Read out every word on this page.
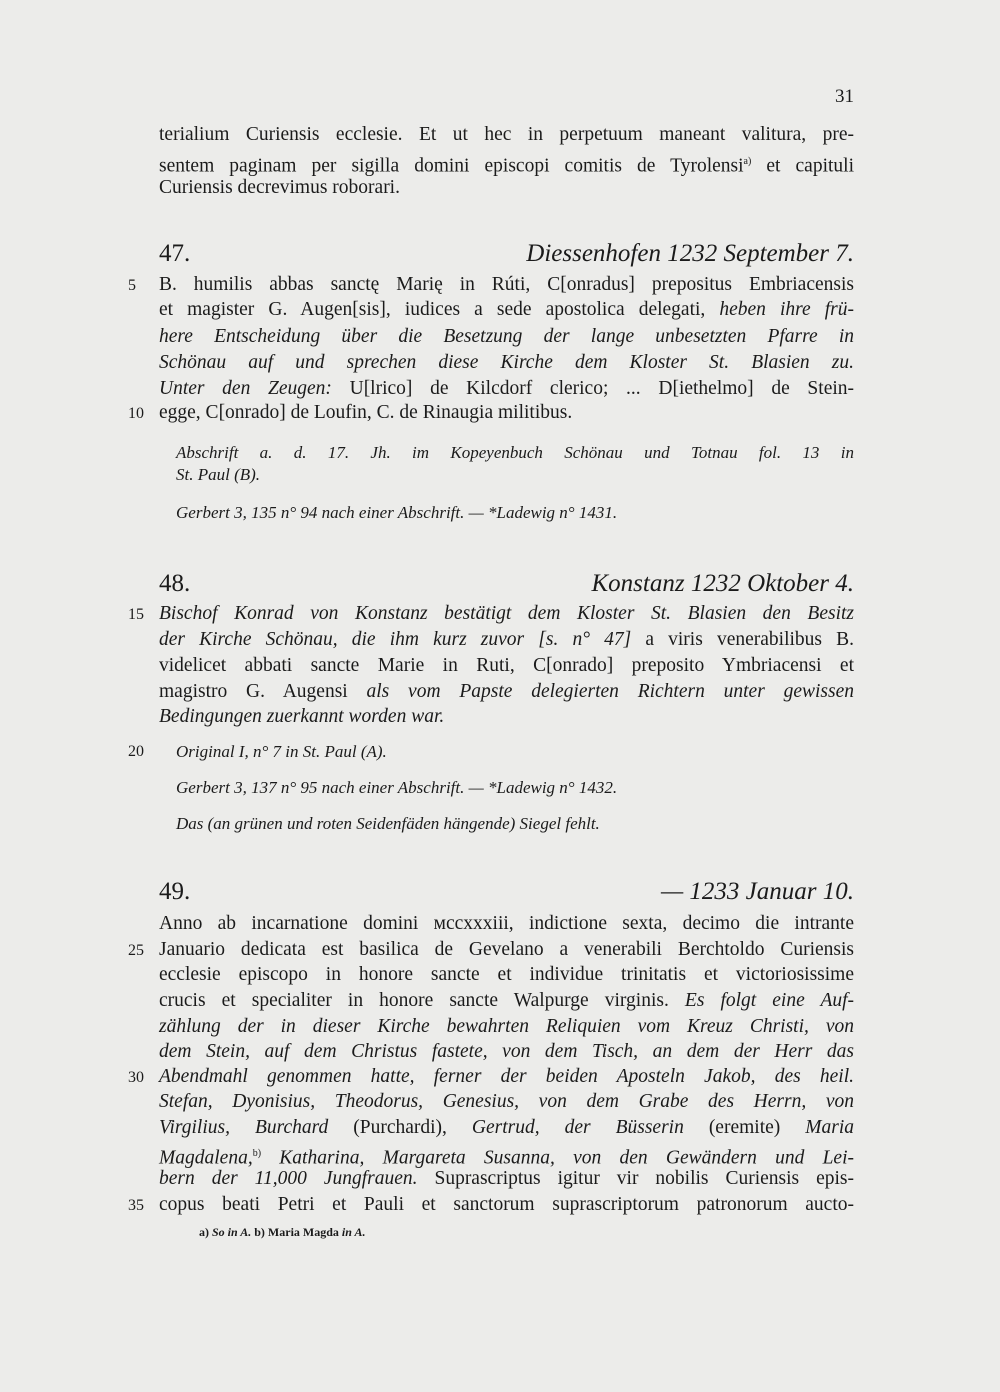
31
terialium Curiensis ecclesie. Et ut hec in perpetuum maneant valitura, pre-
sentem paginam per sigilla domini episcopi comitis de Tyrolensi$^{a)}$ et capituli
Curiensis decrevimus roborari.
47.	Diessenhofen 1232 September 7.
5	B. humilis abbas sanctę Marię in Rúti, C[onradus] prepositus Embriacensis
et magister G. Augen[sis], iudices a sede apostolica delegati, heben ihre frü-
here Entscheidung über die Besetzung der lange unbesetzten Pfarre in
Schönau auf und sprechen diese Kirche dem Kloster St. Blasien zu.
Unter den Zeugen: U[lrico] de Kilcdorf clerico; ... D[iethelmo] de Stein-
10 egge, C[onrado] de Loufin, C. de Rinaugia militibus.
Abschrift a. d. 17. Jh. im Kopeyenbuch Schönau und Totnau fol. 13 in
St. Paul (B).
Gerbert 3, 135 n° 94 nach einer Abschrift. — *Ladewig n° 1431.
48.	Konstanz 1232 Oktober 4.
15 Bischof Konrad von Konstanz bestätigt dem Kloster St. Blasien den Besitz
der Kirche Schönau, die ihm kurz zuvor [s. n° 47] a viris venerabilibus B.
videlicet abbati sancte Marie in Ruti, C[onrado] preposito Ymbriacensi et
magistro G. Augensi als vom Papste delegierten Richtern unter gewissen
Bedingungen zuerkannt worden war.
20	Original I, n° 7 in St. Paul (A).
Gerbert 3, 137 n° 95 nach einer Abschrift. — *Ladewig n° 1432.
Das (an grünen und roten Seidenfäden hängende) Siegel fehlt.
49.	— 1233 Januar 10.
Anno ab incarnatione domini ᴍccxxxiii, indictione sexta, decimo die intrante
25 Januario dedicata est basilica de Gevelano a venerabili Berchtoldo Curiensis
ecclesie episcopo in honore sancte et individue trinitatis et victoriosissime
crucis et specialiter in honore sancte Walpurge virginis. Es folgt eine Auf-
zählung der in dieser Kirche bewahrten Reliquien vom Kreuz Christi, von
dem Stein, auf dem Christus fastete, von dem Tisch, an dem der Herr das
30 Abendmahl genommen hatte, ferner der beiden Aposteln Jakob, des heil.
Stefan, Dyonisius, Theodorus, Genesius, von dem Grabe des Herrn, von
Virgilius, Burchard (Purchardi), Gertrud, der Büsserin (eremite) Maria
Magdalena,$^{b)}$ Katharina, Margareta Susanna, von den Gewändern und Lei-
bern der 11,000 Jungfrauen. Suprascriptus igitur vir nobilis Curiensis epis-
35 copus beati Petri et Pauli et sanctorum suprascriptorum patronorum aucto-
a) So in A. b) Maria Magda in A.
